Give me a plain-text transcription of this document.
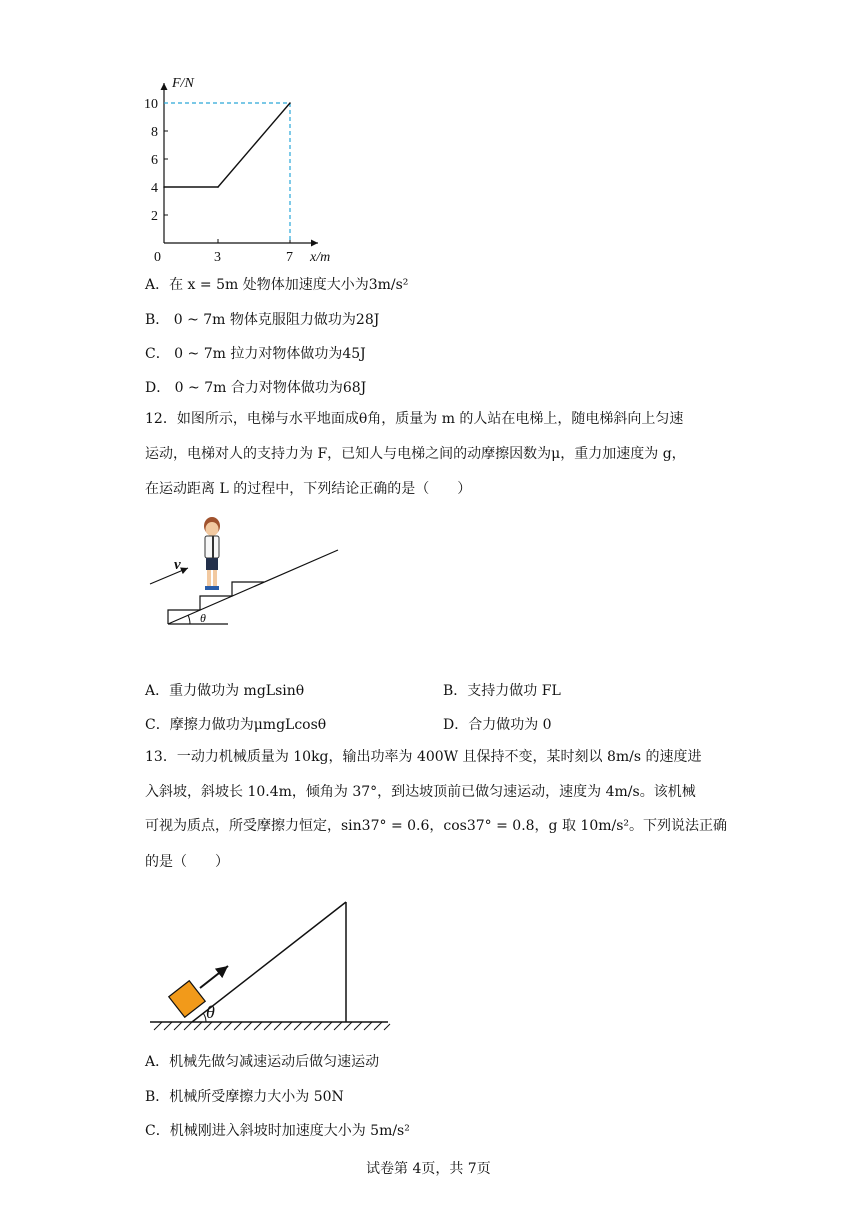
F/N
x/m
0	3	7
2
4
6
8
10
A．在 x = 5m 处物体加速度大小为3m/s²
B． 0 ~ 7m 物体克服阻力做功为28J
C． 0 ~ 7m 拉力对物体做功为45J
D． 0 ~ 7m 合力对物体做功为68J
12．如图所示，电梯与水平地面成θ角，质量为 m 的人站在电梯上，随电梯斜向上匀速
运动，电梯对人的支持力为 F，已知人与电梯之间的动摩擦因数为μ，重力加速度为 g，
在运动距离 L 的过程中，下列结论正确的是（　　）
θ
v
A．重力做功为 mgLsinθ	B．支持力做功 FL
C．摩擦力做功为μmgLcosθ	D．合力做功为 0
13．一动力机械质量为 10kg，输出功率为 400W 且保持不变，某时刻以 8m/s 的速度进
入斜坡，斜坡长 10.4m，倾角为 37°，到达坡顶前已做匀速运动，速度为 4m/s。该机械
可视为质点，所受摩擦力恒定，sin37° = 0.6，cos37° = 0.8，g 取 10m/s²。下列说法正确
的是（　　）
θ
A．机械先做匀减速运动后做匀速运动
B．机械所受摩擦力大小为 50N
C．机械刚进入斜坡时加速度大小为 5m/s²
试卷第 4页，共 7页
